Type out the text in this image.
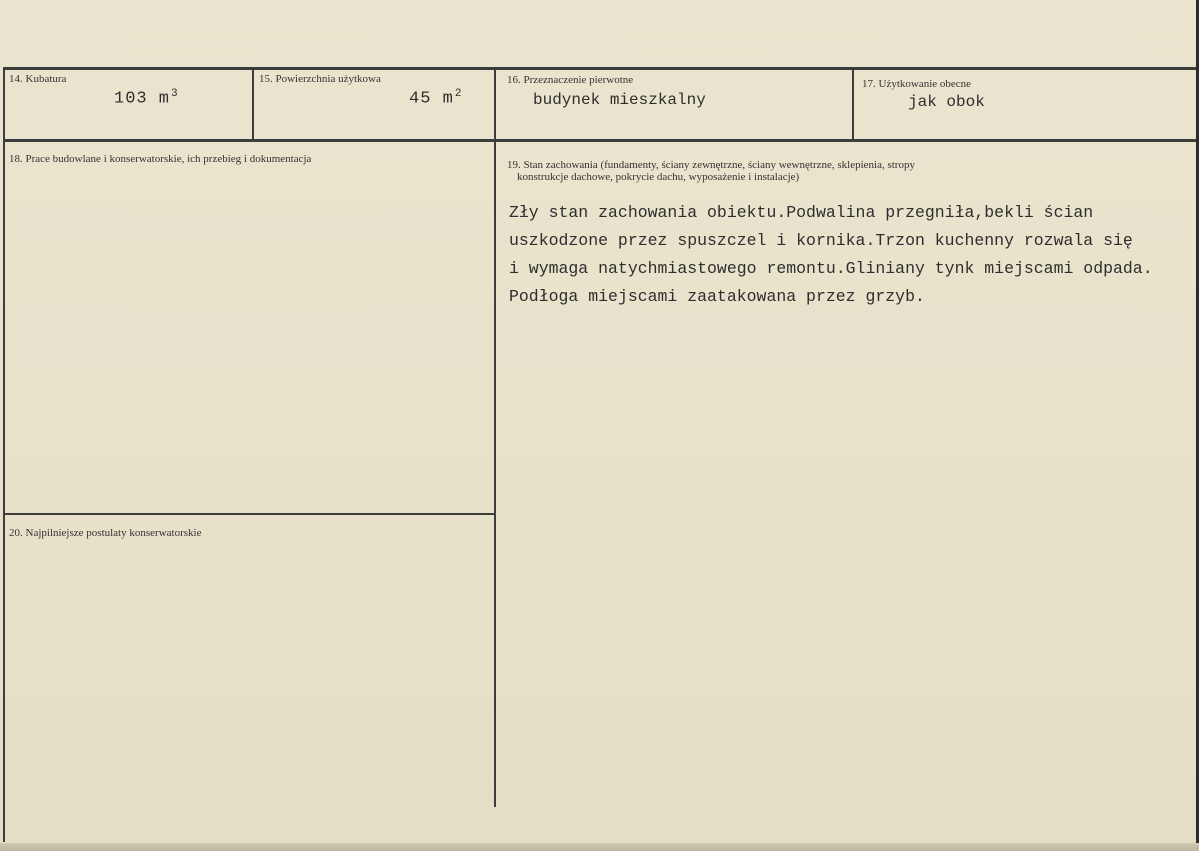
14. Kubatura
103 $m^3$
15. Powierzchnia użytkowa
45 $m^2$
16. Przeznaczenie pierwotne
budynek mieszkalny
17. Użytkowanie obecne
jak obok
18. Prace budowlane i konserwatorskie, ich przebieg i dokumentacja	19. Stan zachowania (fundamenty, ściany zewnętrzne, ściany wewnętrzne, sklepienia, stropy
konstrukcje dachowe, pokrycie dachu, wyposażenie i instalacje)

Zły stan zachowania obiektu.Podwalina przegniła,bekli ścian

uszkodzone przez spuszczel i kornika.Trzon kuchenny rozwala się

i wymaga natychmiastowego remontu.Gliniany tynk miejscami odpada.

Podłoga miejscami zaatakowana przez grzyb.

20. Najpilniejsze postulaty konserwatorskie
